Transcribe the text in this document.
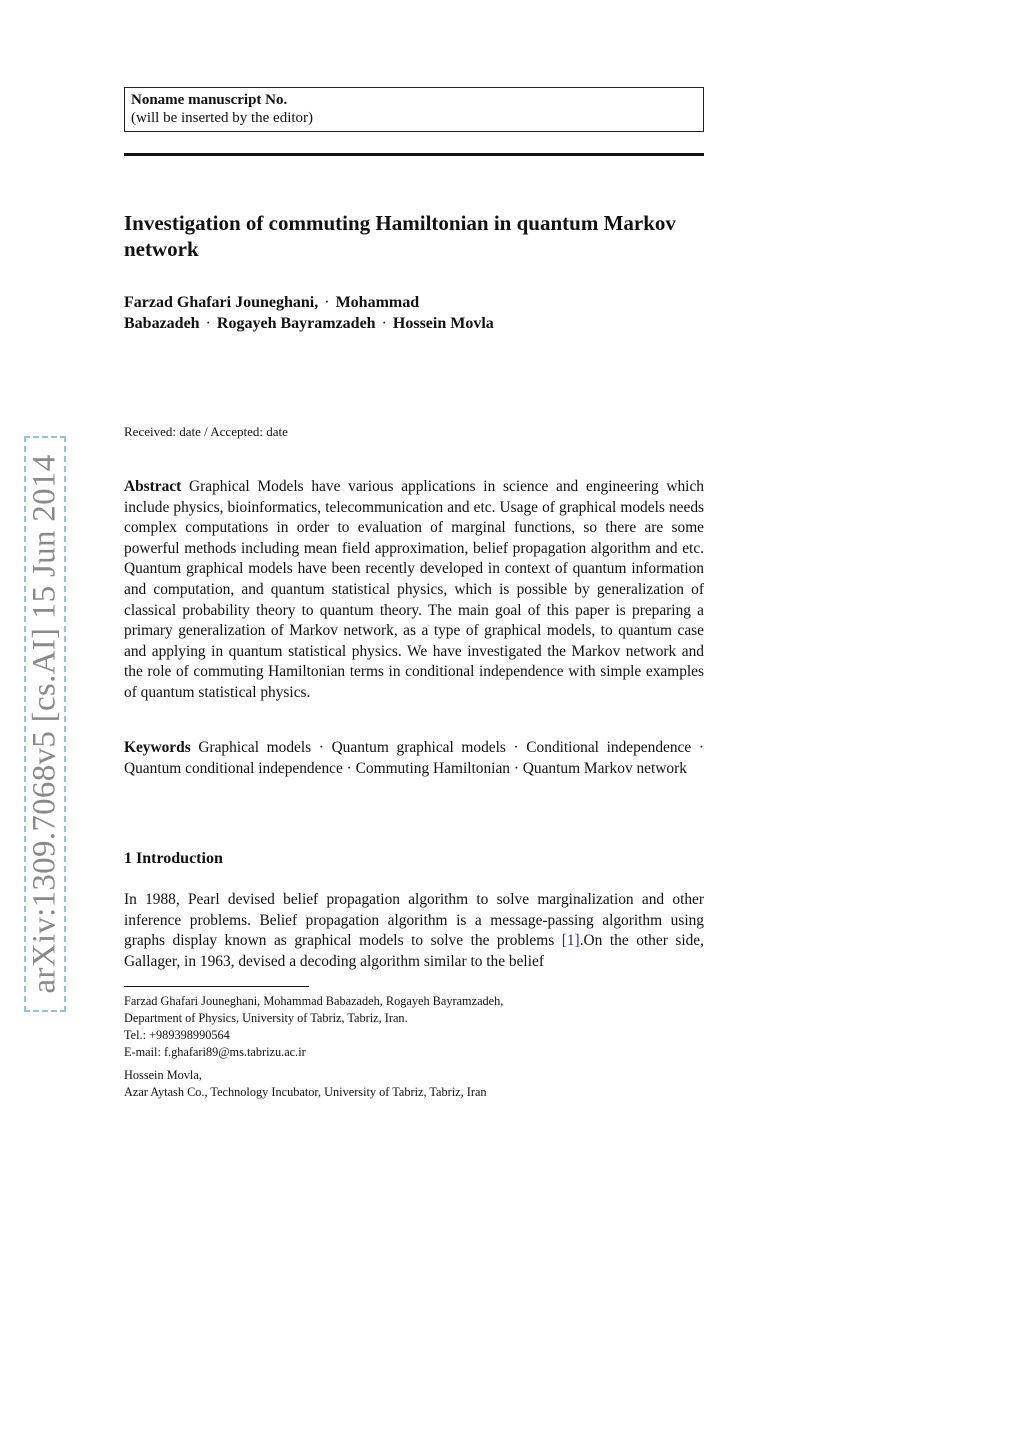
arXiv:1309.7068v5 [cs.AI] 15 Jun 2014
Noname manuscript No.
(will be inserted by the editor)
Investigation of commuting Hamiltonian in quantum Markov network
Farzad Ghafari Jouneghani, · Mohammad Babazadeh · Rogayeh Bayramzadeh · Hossein Movla
Received: date / Accepted: date
Abstract Graphical Models have various applications in science and engineering which include physics, bioinformatics, telecommunication and etc. Usage of graphical models needs complex computations in order to evaluation of marginal functions, so there are some powerful methods including mean field approximation, belief propagation algorithm and etc. Quantum graphical models have been recently developed in context of quantum information and computation, and quantum statistical physics, which is possible by generalization of classical probability theory to quantum theory. The main goal of this paper is preparing a primary generalization of Markov network, as a type of graphical models, to quantum case and applying in quantum statistical physics. We have investigated the Markov network and the role of commuting Hamiltonian terms in conditional independence with simple examples of quantum statistical physics.
Keywords Graphical models · Quantum graphical models · Conditional independence · Quantum conditional independence · Commuting Hamiltonian · Quantum Markov network
1 Introduction
In 1988, Pearl devised belief propagation algorithm to solve marginalization and other inference problems. Belief propagation algorithm is a message-passing algorithm using graphs display known as graphical models to solve the problems [1].On the other side, Gallager, in 1963, devised a decoding algorithm similar to the belief
Farzad Ghafari Jouneghani, Mohammad Babazadeh, Rogayeh Bayramzadeh,
Department of Physics, University of Tabriz, Tabriz, Iran.
Tel.: +989398990564
E-mail: f.ghafari89@ms.tabrizu.ac.ir
Hossein Movla,
Azar Aytash Co., Technology Incubator, University of Tabriz, Tabriz, Iran
